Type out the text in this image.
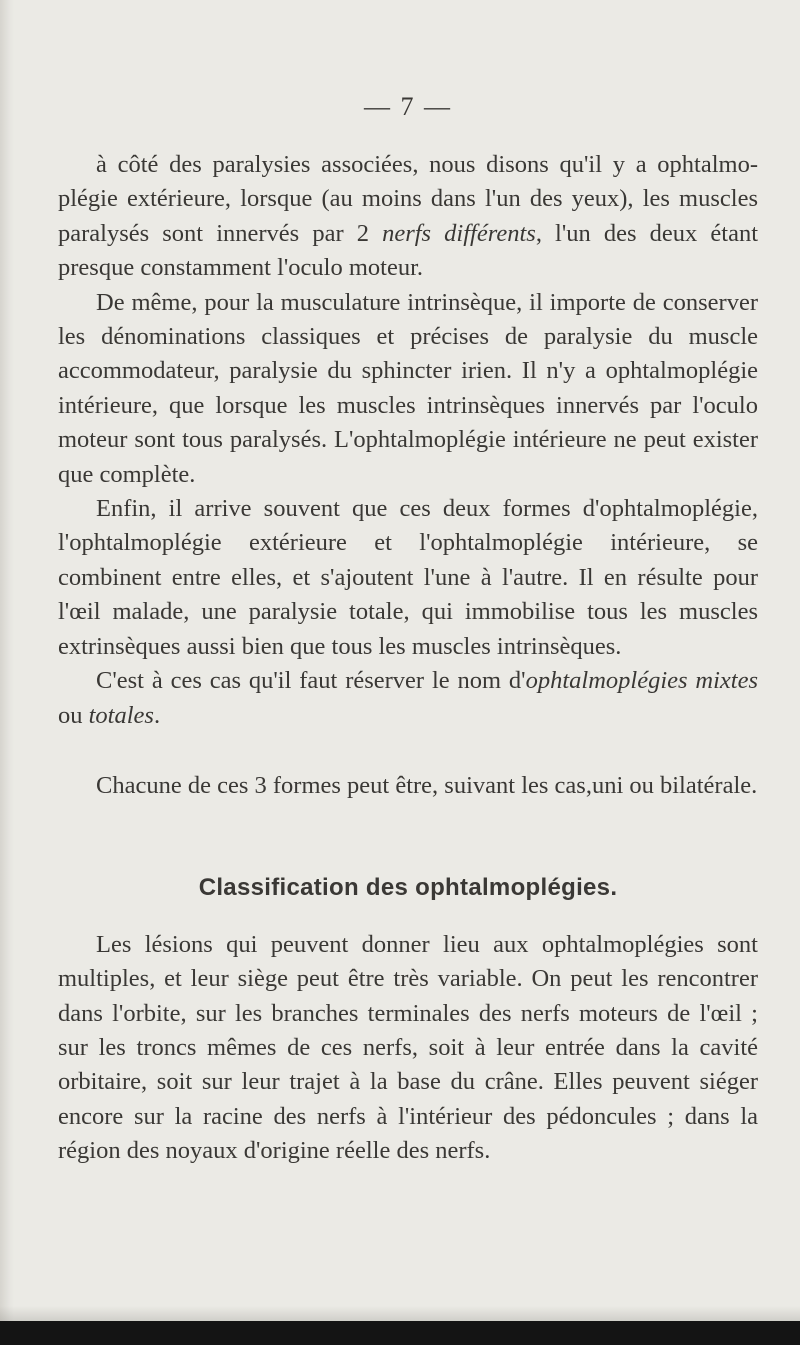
— 7 —

à côté des paralysies associées, nous disons qu'il y a ophtalmo-plégie extérieure, lorsque (au moins dans l'un des yeux), les muscles paralysés sont innervés par 2 nerfs différents, l'un des deux étant presque constamment l'oculo moteur.

De même, pour la musculature intrinsèque, il importe de conserver les dénominations classiques et précises de paralysie du muscle accommodateur, paralysie du sphincter irien. Il n'y a ophtalmoplégie intérieure, que lorsque les muscles intrinsèques innervés par l'oculo moteur sont tous paralysés. L'ophtalmoplégie intérieure ne peut exister que complète.

Enfin, il arrive souvent que ces deux formes d'ophtalmoplégie, l'ophtalmoplégie extérieure et l'ophtalmoplégie intérieure, se combinent entre elles, et s'ajoutent l'une à l'autre. Il en résulte pour l'œil malade, une paralysie totale, qui immobilise tous les muscles extrinsèques aussi bien que tous les muscles intrinsèques.

C'est à ces cas qu'il faut réserver le nom d'ophtalmoplégies mixtes ou totales.

Chacune de ces 3 formes peut être, suivant les cas,uni ou bilatérale.

Classification des ophtalmoplégies.

Les lésions qui peuvent donner lieu aux ophtalmoplégies sont multiples, et leur siège peut être très variable. On peut les rencontrer dans l'orbite, sur les branches terminales des nerfs moteurs de l'œil ; sur les troncs mêmes de ces nerfs, soit à leur entrée dans la cavité orbitaire, soit sur leur trajet à la base du crâne. Elles peuvent siéger encore sur la racine des nerfs à l'intérieur des pédoncules ; dans la région des noyaux d'origine réelle des nerfs.
